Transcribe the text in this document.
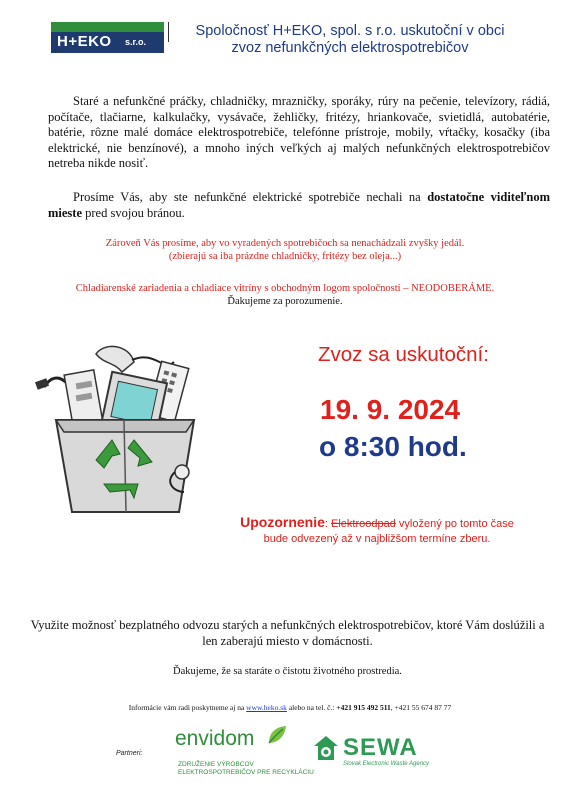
H+EKO s.r.o.
Spoločnosť H+EKO, spol. s r.o. uskutoční v obci
zvoz nefunkčných elektrospotrebičov
Staré a nefunkčné práčky, chladničky, mrazničky, sporáky, rúry na pečenie, televízory, rádiá, počítače, tlačiarne, kalkulačky, vysávače, žehličky, fritézy, hriankovače, svietidlá, autobatérie, batérie, rôzne malé domáce elektrospotrebiče, telefónne prístroje, mobily, vŕtačky, kosačky (iba elektrické, nie benzínové), a mnoho iných veľkých aj malých nefunkčných elektrospotrebičov netreba nikde nosiť.
Prosíme Vás, aby ste nefunkčné elektrické spotrebiče nechali na dostatočne viditeľnom mieste pred svojou bránou.
Zároveň Vás prosíme, aby vo vyradených spotrebičoch sa nenachádzali zvyšky jedál.
(zbierajú sa iba prázdne chladničky, fritézy bez oleja...)
Chladiarenské zariadenia a chladiace vitríny s obchodným logom spoločnosti – NEODOBERÁME.
Ďakujeme za porozumenie.
Zvoz sa uskutoční:
19. 9. 2024
o 8:30 hod.
Upozornenie: Elektroodpad vyložený po tomto čase
bude odvezený až v najbližšom termíne zberu.
Využite možnosť bezplatného odvozu starých a nefunkčných elektrospotrebičov, ktoré Vám doslúžili a len zaberajú miesto v domácnosti.
Ďakujeme, že sa staráte o čistotu životného prostredia.
Informácie vám radi poskytneme aj na www.heko.sk alebo na tel. č.: +421 915 492 511, +421 55 674 87 77
Partneri:
envidom
ZDRUŽENIE VÝROBCOV
ELEKTROSPOTREBIČOV PRE RECYKLÁCIU
SEWA
Slovak Electronic Waste Agency
